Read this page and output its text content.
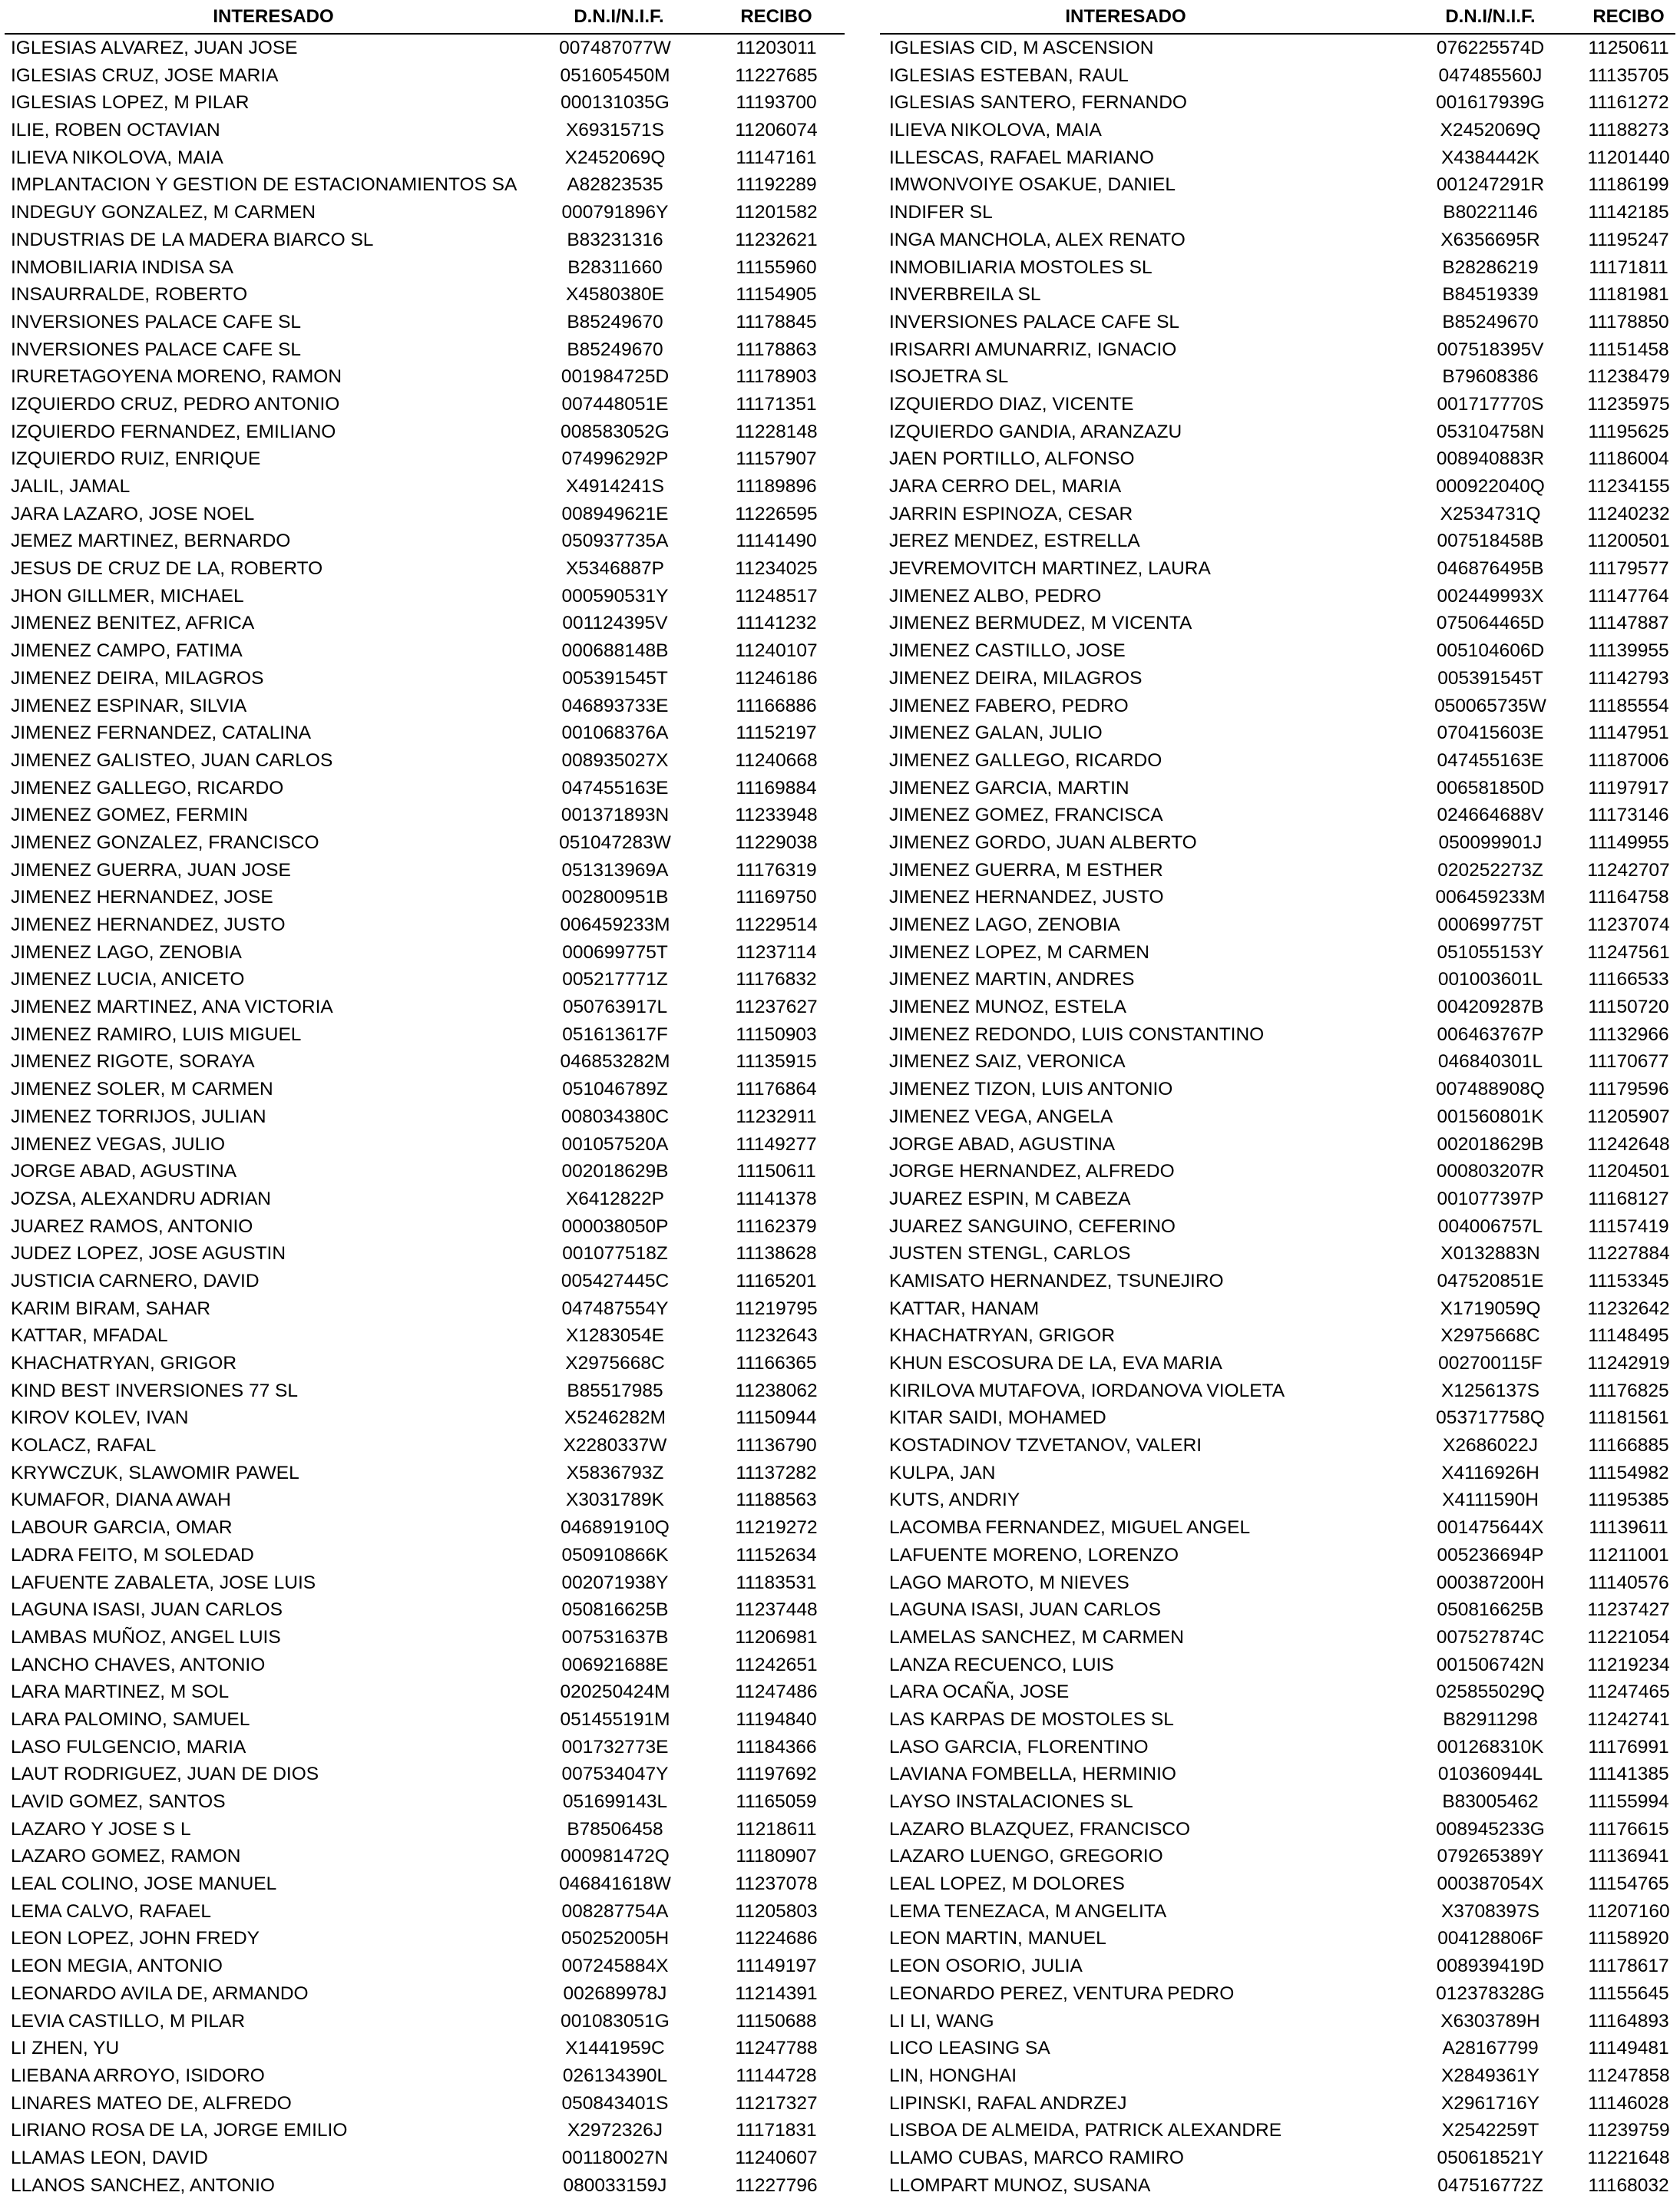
INTERESADO	D.N.I/N.I.F.	RECIBO
IGLESIAS ALVAREZ, JUAN JOSE	007487077W	11203011
IGLESIAS CRUZ, JOSE MARIA	051605450M	11227685
IGLESIAS LOPEZ, M PILAR	000131035G	11193700
ILIE, ROBEN OCTAVIAN	X6931571S	11206074
ILIEVA NIKOLOVA, MAIA	X2452069Q	11147161
IMPLANTACION Y GESTION DE ESTACIONAMIENTOS SA	A82823535	11192289
INDEGUY GONZALEZ, M CARMEN	000791896Y	11201582
INDUSTRIAS DE LA MADERA BIARCO SL	B83231316	11232621
INMOBILIARIA INDISA SA	B28311660	11155960
INSAURRALDE, ROBERTO	X4580380E	11154905
INVERSIONES PALACE CAFE SL	B85249670	11178845
INVERSIONES PALACE CAFE SL	B85249670	11178863
IRURETAGOYENA MORENO, RAMON	001984725D	11178903
IZQUIERDO CRUZ, PEDRO ANTONIO	007448051E	11171351
IZQUIERDO FERNANDEZ, EMILIANO	008583052G	11228148
IZQUIERDO RUIZ, ENRIQUE	074996292P	11157907
JALIL, JAMAL	X4914241S	11189896
JARA LAZARO, JOSE NOEL	008949621E	11226595
JEMEZ MARTINEZ, BERNARDO	050937735A	11141490
JESUS DE CRUZ DE LA, ROBERTO	X5346887P	11234025
JHON GILLMER, MICHAEL	000590531Y	11248517
JIMENEZ BENITEZ, AFRICA	001124395V	11141232
JIMENEZ CAMPO, FATIMA	000688148B	11240107
JIMENEZ DEIRA, MILAGROS	005391545T	11246186
JIMENEZ ESPINAR, SILVIA	046893733E	11166886
JIMENEZ FERNANDEZ, CATALINA	001068376A	11152197
JIMENEZ GALISTEO, JUAN CARLOS	008935027X	11240668
JIMENEZ GALLEGO, RICARDO	047455163E	11169884
JIMENEZ GOMEZ, FERMIN	001371893N	11233948
JIMENEZ GONZALEZ, FRANCISCO	051047283W	11229038
JIMENEZ GUERRA, JUAN JOSE	051313969A	11176319
JIMENEZ HERNANDEZ, JOSE	002800951B	11169750
JIMENEZ HERNANDEZ, JUSTO	006459233M	11229514
JIMENEZ LAGO, ZENOBIA	000699775T	11237114
JIMENEZ LUCIA, ANICETO	005217771Z	11176832
JIMENEZ MARTINEZ, ANA VICTORIA	050763917L	11237627
JIMENEZ RAMIRO, LUIS MIGUEL	051613617F	11150903
JIMENEZ RIGOTE, SORAYA	046853282M	11135915
JIMENEZ SOLER, M CARMEN	051046789Z	11176864
JIMENEZ TORRIJOS, JULIAN	008034380C	11232911
JIMENEZ VEGAS, JULIO	001057520A	11149277
JORGE ABAD, AGUSTINA	002018629B	11150611
JOZSA, ALEXANDRU ADRIAN	X6412822P	11141378
JUAREZ RAMOS, ANTONIO	000038050P	11162379
JUDEZ LOPEZ, JOSE AGUSTIN	001077518Z	11138628
JUSTICIA CARNERO, DAVID	005427445C	11165201
KARIM BIRAM, SAHAR	047487554Y	11219795
KATTAR, MFADAL	X1283054E	11232643
KHACHATRYAN, GRIGOR	X2975668C	11166365
KIND BEST INVERSIONES 77 SL	B85517985	11238062
KIROV KOLEV, IVAN	X5246282M	11150944
KOLACZ, RAFAL	X2280337W	11136790
KRYWCZUK, SLAWOMIR PAWEL	X5836793Z	11137282
KUMAFOR, DIANA AWAH	X3031789K	11188563
LABOUR GARCIA, OMAR	046891910Q	11219272
LADRA FEITO, M SOLEDAD	050910866K	11152634
LAFUENTE ZABALETA, JOSE LUIS	002071938Y	11183531
LAGUNA ISASI, JUAN CARLOS	050816625B	11237448
LAMBAS MUÑOZ, ANGEL LUIS	007531637B	11206981
LANCHO CHAVES, ANTONIO	006921688E	11242651
LARA MARTINEZ, M SOL	020250424M	11247486
LARA PALOMINO, SAMUEL	051455191M	11194840
LASO FULGENCIO, MARIA	001732773E	11184366
LAUT RODRIGUEZ, JUAN DE DIOS	007534047Y	11197692
LAVID GOMEZ, SANTOS	051699143L	11165059
LAZARO Y JOSE S L	B78506458	11218611
LAZARO GOMEZ, RAMON	000981472Q	11180907
LEAL COLINO, JOSE MANUEL	046841618W	11237078
LEMA CALVO, RAFAEL	008287754A	11205803
LEON LOPEZ, JOHN FREDY	050252005H	11224686
LEON MEGIA, ANTONIO	007245884X	11149197
LEONARDO AVILA DE, ARMANDO	002689978J	11214391
LEVIA CASTILLO, M PILAR	001083051G	11150688
LI ZHEN, YU	X1441959C	11247788
LIEBANA ARROYO, ISIDORO	026134390L	11144728
LINARES MATEO DE, ALFREDO	050843401S	11217327
LIRIANO ROSA DE LA, JORGE EMILIO	X2972326J	11171831
LLAMAS LEON, DAVID	001180027N	11240607
LLANOS SANCHEZ, ANTONIO	080033159J	11227796
INTERESADO	D.N.I/N.I.F.	RECIBO
IGLESIAS CID, M ASCENSION	076225574D	11250611
IGLESIAS ESTEBAN, RAUL	047485560J	11135705
IGLESIAS SANTERO, FERNANDO	001617939G	11161272
ILIEVA NIKOLOVA, MAIA	X2452069Q	11188273
ILLESCAS, RAFAEL MARIANO	X4384442K	11201440
IMWONVOIYE OSAKUE, DANIEL	001247291R	11186199
INDIFER SL	B80221146	11142185
INGA MANCHOLA, ALEX RENATO	X6356695R	11195247
INMOBILIARIA MOSTOLES SL	B28286219	11171811
INVERBREILA SL	B84519339	11181981
INVERSIONES PALACE CAFE SL	B85249670	11178850
IRISARRI AMUNARRIZ, IGNACIO	007518395V	11151458
ISOJETRA SL	B79608386	11238479
IZQUIERDO DIAZ, VICENTE	001717770S	11235975
IZQUIERDO GANDIA, ARANZAZU	053104758N	11195625
JAEN PORTILLO, ALFONSO	008940883R	11186004
JARA CERRO DEL, MARIA	000922040Q	11234155
JARRIN ESPINOZA, CESAR	X2534731Q	11240232
JEREZ MENDEZ, ESTRELLA	007518458B	11200501
JEVREMOVITCH MARTINEZ, LAURA	046876495B	11179577
JIMENEZ ALBO, PEDRO	002449993X	11147764
JIMENEZ BERMUDEZ, M VICENTA	075064465D	11147887
JIMENEZ CASTILLO, JOSE	005104606D	11139955
JIMENEZ DEIRA, MILAGROS	005391545T	11142793
JIMENEZ FABERO, PEDRO	050065735W	11185554
JIMENEZ GALAN, JULIO	070415603E	11147951
JIMENEZ GALLEGO, RICARDO	047455163E	11187006
JIMENEZ GARCIA, MARTIN	006581850D	11197917
JIMENEZ GOMEZ, FRANCISCA	024664688V	11173146
JIMENEZ GORDO, JUAN ALBERTO	050099901J	11149955
JIMENEZ GUERRA, M ESTHER	020252273Z	11242707
JIMENEZ HERNANDEZ, JUSTO	006459233M	11164758
JIMENEZ LAGO, ZENOBIA	000699775T	11237074
JIMENEZ LOPEZ, M CARMEN	051055153Y	11247561
JIMENEZ MARTIN, ANDRES	001003601L	11166533
JIMENEZ MUNOZ, ESTELA	004209287B	11150720
JIMENEZ REDONDO, LUIS CONSTANTINO	006463767P	11132966
JIMENEZ SAIZ, VERONICA	046840301L	11170677
JIMENEZ TIZON, LUIS ANTONIO	007488908Q	11179596
JIMENEZ VEGA, ANGELA	001560801K	11205907
JORGE ABAD, AGUSTINA	002018629B	11242648
JORGE HERNANDEZ, ALFREDO	000803207R	11204501
JUAREZ ESPIN, M CABEZA	001077397P	11168127
JUAREZ SANGUINO, CEFERINO	004006757L	11157419
JUSTEN STENGL, CARLOS	X0132883N	11227884
KAMISATO HERNANDEZ, TSUNEJIRO	047520851E	11153345
KATTAR, HANAM	X1719059Q	11232642
KHACHATRYAN, GRIGOR	X2975668C	11148495
KHUN ESCOSURA DE LA, EVA MARIA	002700115F	11242919
KIRILOVA MUTAFOVA, IORDANOVA VIOLETA	X1256137S	11176825
KITAR SAIDI, MOHAMED	053717758Q	11181561
KOSTADINOV TZVETANOV, VALERI	X2686022J	11166885
KULPA, JAN	X4116926H	11154982
KUTS, ANDRIY	X4111590H	11195385
LACOMBA FERNANDEZ, MIGUEL ANGEL	001475644X	11139611
LAFUENTE MORENO, LORENZO	005236694P	11211001
LAGO MAROTO, M NIEVES	000387200H	11140576
LAGUNA ISASI, JUAN CARLOS	050816625B	11237427
LAMELAS SANCHEZ, M CARMEN	007527874C	11221054
LANZA RECUENCO, LUIS	001506742N	11219234
LARA OCAÑA, JOSE	025855029Q	11247465
LAS KARPAS DE MOSTOLES SL	B82911298	11242741
LASO GARCIA, FLORENTINO	001268310K	11176991
LAVIANA FOMBELLA, HERMINIO	010360944L	11141385
LAYSO INSTALACIONES SL	B83005462	11155994
LAZARO BLAZQUEZ, FRANCISCO	008945233G	11176615
LAZARO LUENGO, GREGORIO	079265389Y	11136941
LEAL LOPEZ, M DOLORES	000387054X	11154765
LEMA TENEZACA, M ANGELITA	X3708397S	11207160
LEON MARTIN, MANUEL	004128806F	11158920
LEON OSORIO, JULIA	008939419D	11178617
LEONARDO PEREZ, VENTURA PEDRO	012378328G	11155645
LI LI, WANG	X6303789H	11164893
LICO LEASING SA	A28167799	11149481
LIN, HONGHAI	X2849361Y	11247858
LIPINSKI, RAFAL ANDRZEJ	X2961716Y	11146028
LISBOA DE ALMEIDA, PATRICK ALEXANDRE	X2542259T	11239759
LLAMO CUBAS, MARCO RAMIRO	050618521Y	11221648
LLOMPART MUNOZ, SUSANA	047516772Z	11168032
